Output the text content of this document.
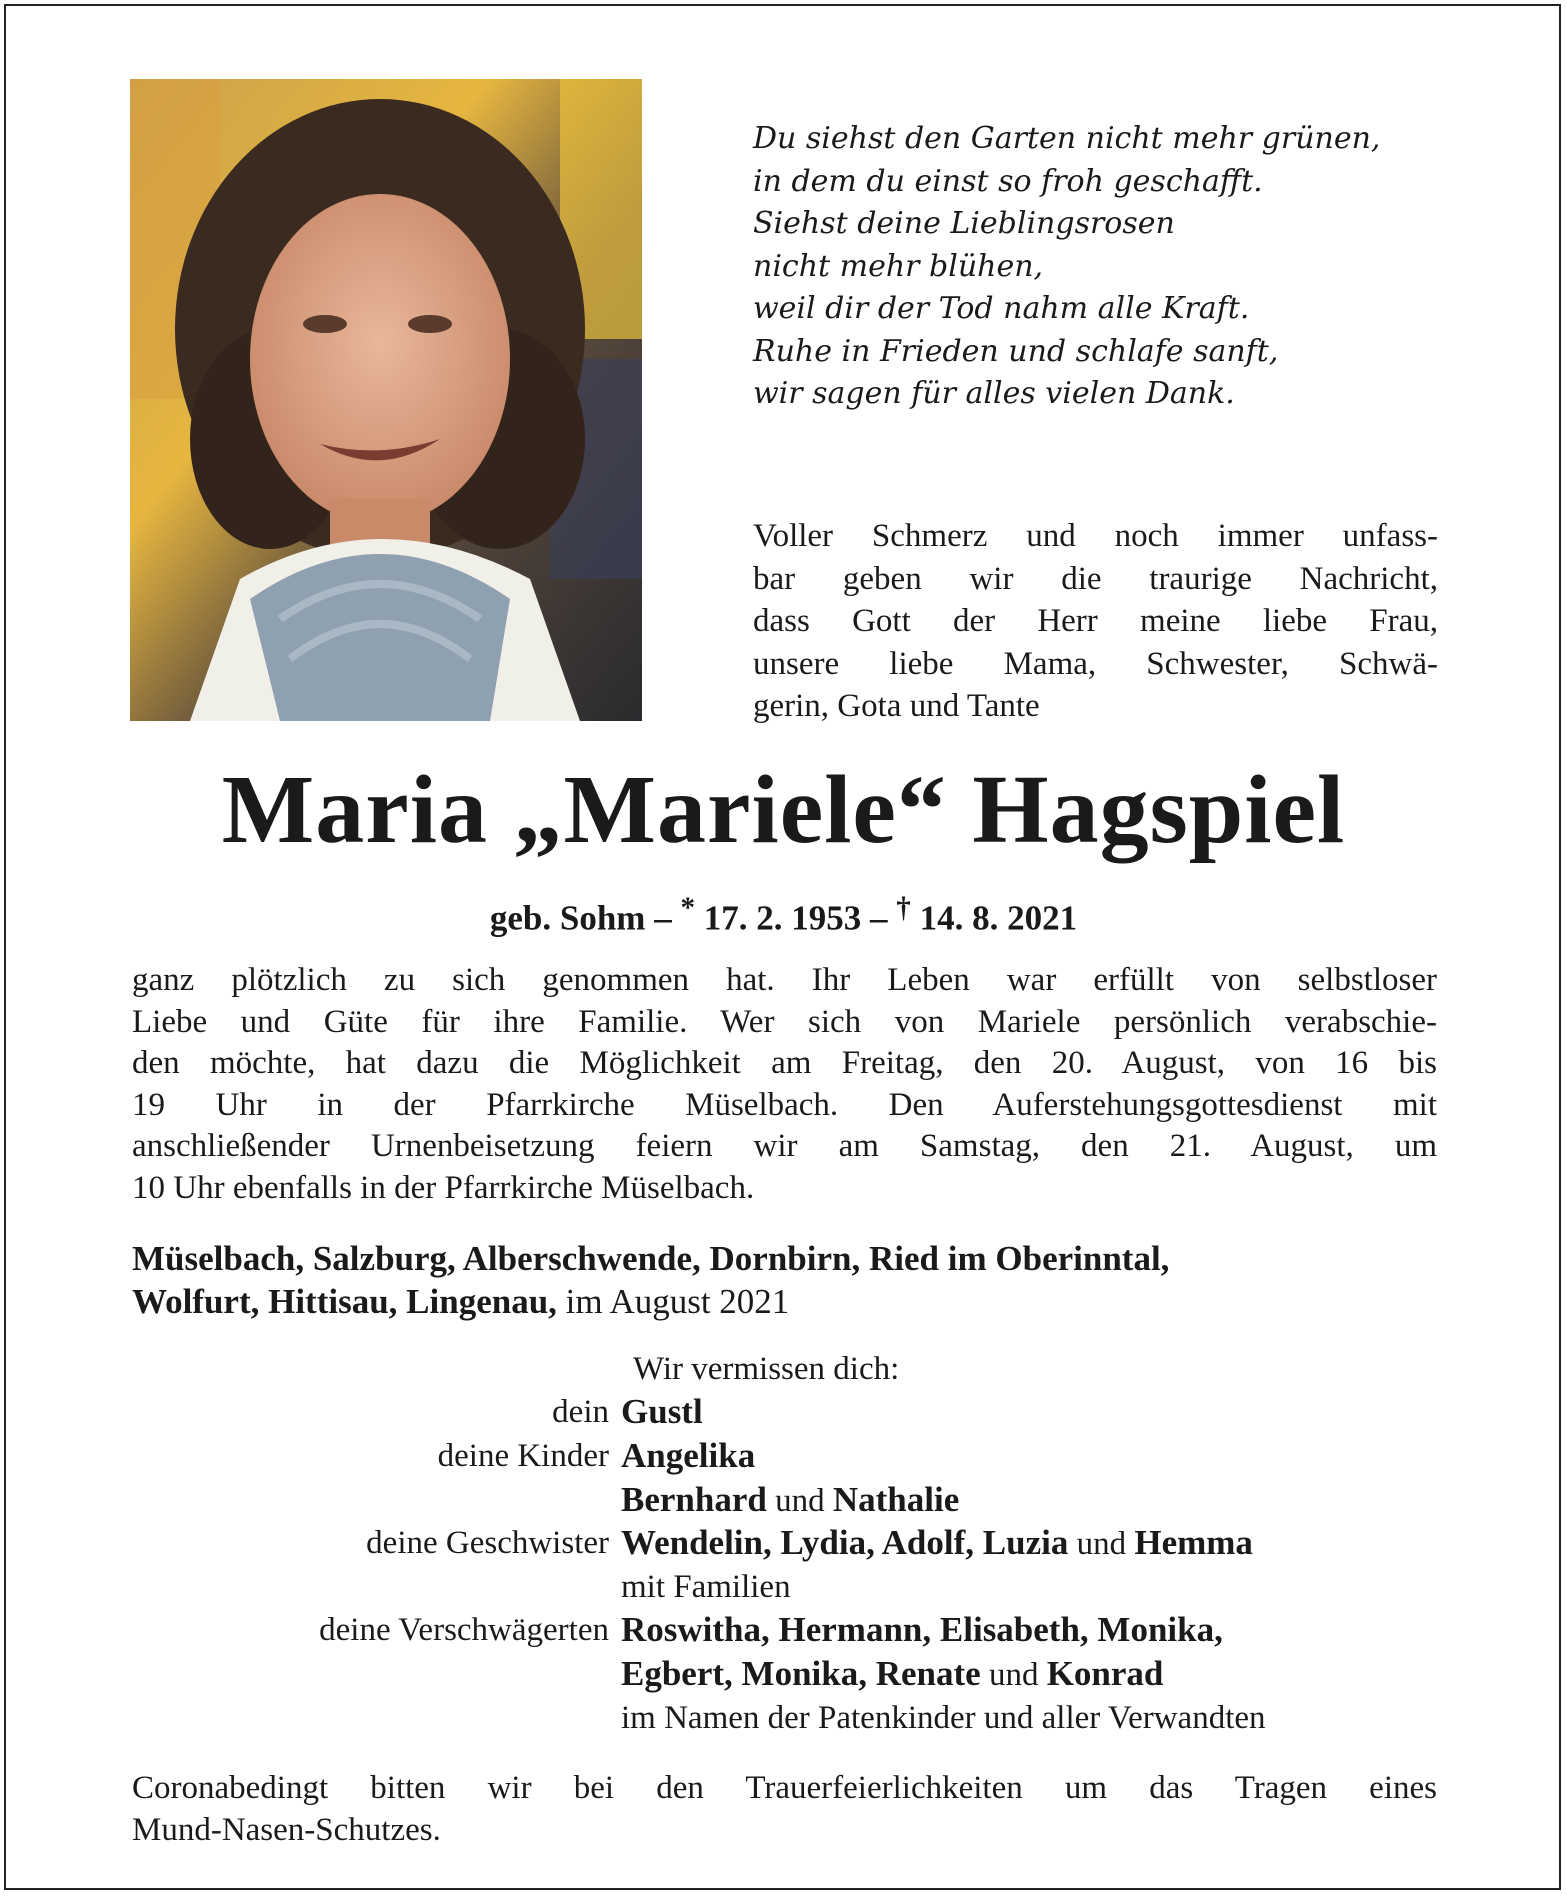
Du siehst den Garten nicht mehr grünen,
in dem du einst so froh geschafft.
Siehst deine Lieblingsrosen
nicht mehr blühen,
weil dir der Tod nahm alle Kraft.
Ruhe in Frieden und schlafe sanft,
wir sagen für alles vielen Dank.
Voller Schmerz und noch immer unfass-
bar geben wir die traurige Nachricht,
dass Gott der Herr meine liebe Frau,
unsere liebe Mama, Schwester, Schwä-
gerin, Gota und Tante
Maria „Mariele“ Hagspiel

geb. Sohm – * 17. 2. 1953 – † 14. 8. 2021

ganz plötzlich zu sich genommen hat. Ihr Leben war erfüllt von selbstloser
Liebe und Güte für ihre Familie. Wer sich von Mariele persönlich verabschie-
den möchte, hat dazu die Möglichkeit am Freitag, den 20. August, von 16 bis
19 Uhr in der Pfarrkirche Müselbach. Den Auferstehungsgottesdienst mit
anschließender Urnenbeisetzung feiern wir am Samstag, den 21. August, um
10 Uhr ebenfalls in der Pfarrkirche Müselbach.
Müselbach, Salzburg, Alberschwende, Dornbirn, Ried im Oberinntal,
Wolfurt, Hittisau, Lingenau, im August 2021

Wir vermissen dich:

dein Gustl
deine Kinder Angelika
Bernhard und Nathalie
deine Geschwister Wendelin, Lydia, Adolf, Luzia und Hemma
mit Familien
deine Verschwägerten Roswitha, Hermann, Elisabeth, Monika,
Egbert, Monika, Renate und Konrad
im Namen der Patenkinder und aller Verwandten
Coronabedingt bitten wir bei den Trauerfeierlichkeiten um das Tragen eines
Mund-Nasen-Schutzes.
